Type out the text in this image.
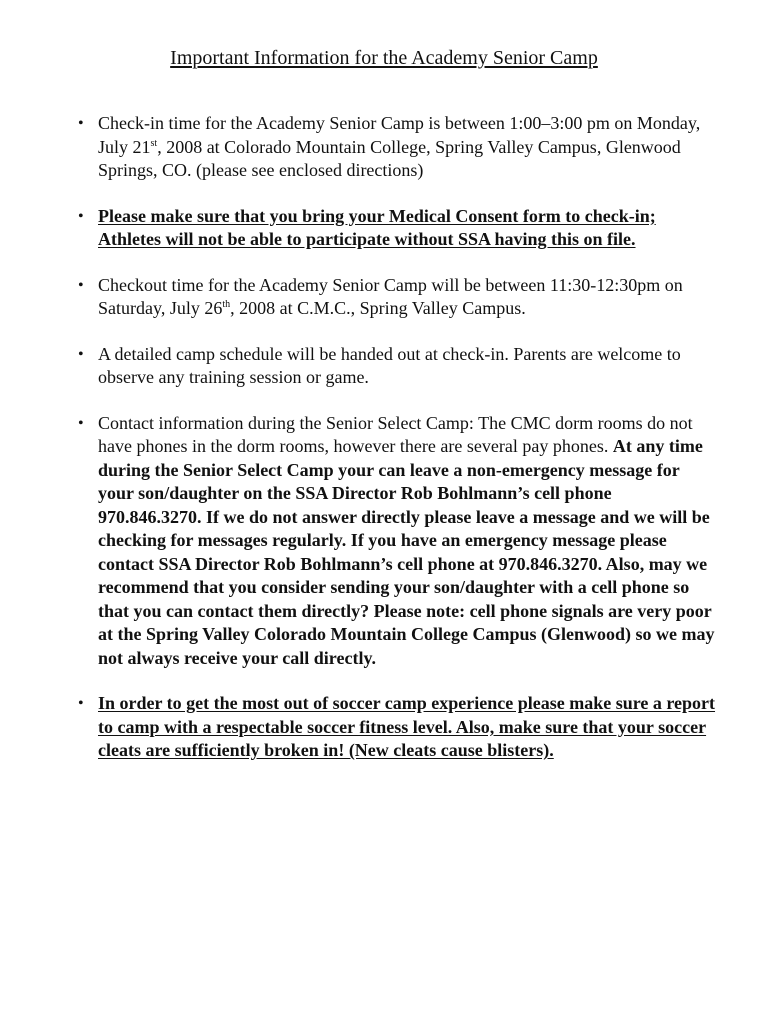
Important Information for the Academy Senior Camp
• Check-in time for the Academy Senior Camp is between 1:00–3:00 pm on Monday, July 21st, 2008 at Colorado Mountain College, Spring Valley Campus, Glenwood Springs, CO. (please see enclosed directions)
• Please make sure that you bring your Medical Consent form to check-in; Athletes will not be able to participate without SSA having this on file.
• Checkout time for the Academy Senior Camp will be between 11:30-12:30pm on Saturday, July 26th, 2008 at C.M.C., Spring Valley Campus.
• A detailed camp schedule will be handed out at check-in. Parents are welcome to observe any training session or game.
• Contact information during the Senior Select Camp: The CMC dorm rooms do not have phones in the dorm rooms, however there are several pay phones. At any time during the Senior Select Camp your can leave a non-emergency message for your son/daughter on the SSA Director Rob Bohlmann’s cell phone 970.846.3270. If we do not answer directly please leave a message and we will be checking for messages regularly. If you have an emergency message please contact SSA Director Rob Bohlmann’s cell phone at 970.846.3270. Also, may we recommend that you consider sending your son/daughter with a cell phone so that you can contact them directly? Please note: cell phone signals are very poor at the Spring Valley Colorado Mountain College Campus (Glenwood) so we may not always receive your call directly.
• In order to get the most out of soccer camp experience please make sure a report to camp with a respectable soccer fitness level. Also, make sure that your soccer cleats are sufficiently broken in! (New cleats cause blisters).
